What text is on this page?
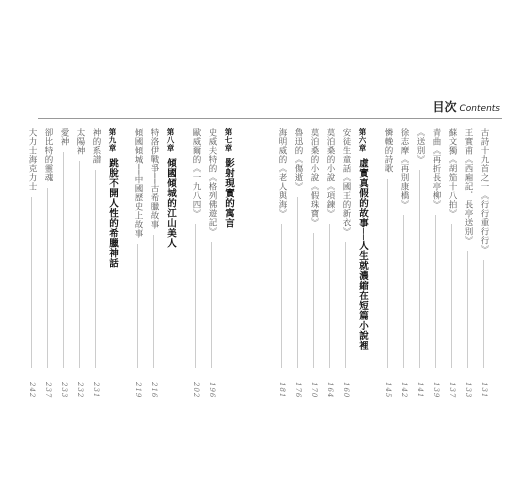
目次 Contents
古詩十九首之一《行行重行行》
131
王實甫《西廂記．長亭送別》
133
蘇文獨《胡笳十八拍》
137
青曲《再折長亭柳》
139
《送別》
141
徐志摩《再別康橋》
142
憐輓的詩歌
145
第六章虛實真假的故事──人生就濃縮在短篇小說裡
安徒生童話《國王的新衣》
160
莫泊桑的小說《項鍊》
164
莫泊桑的小說《假珠寶》
170
魯迅的《傷逝》
176
海明威的《老人與海》
181
第七章影射現實的寓言
史威夫特的《格列佛遊記》
196
歐威爾的《一九八四》
202
第八章傾國傾城的江山美人
特洛伊戰爭──古希臘故事
216
傾國傾城──中國歷史上故事
219
第九章跳脫不開人性的希臘神話
神的系譜
231
太陽神
232
愛神
233
卻比特的靈魂
237
大力士海克力士
242
